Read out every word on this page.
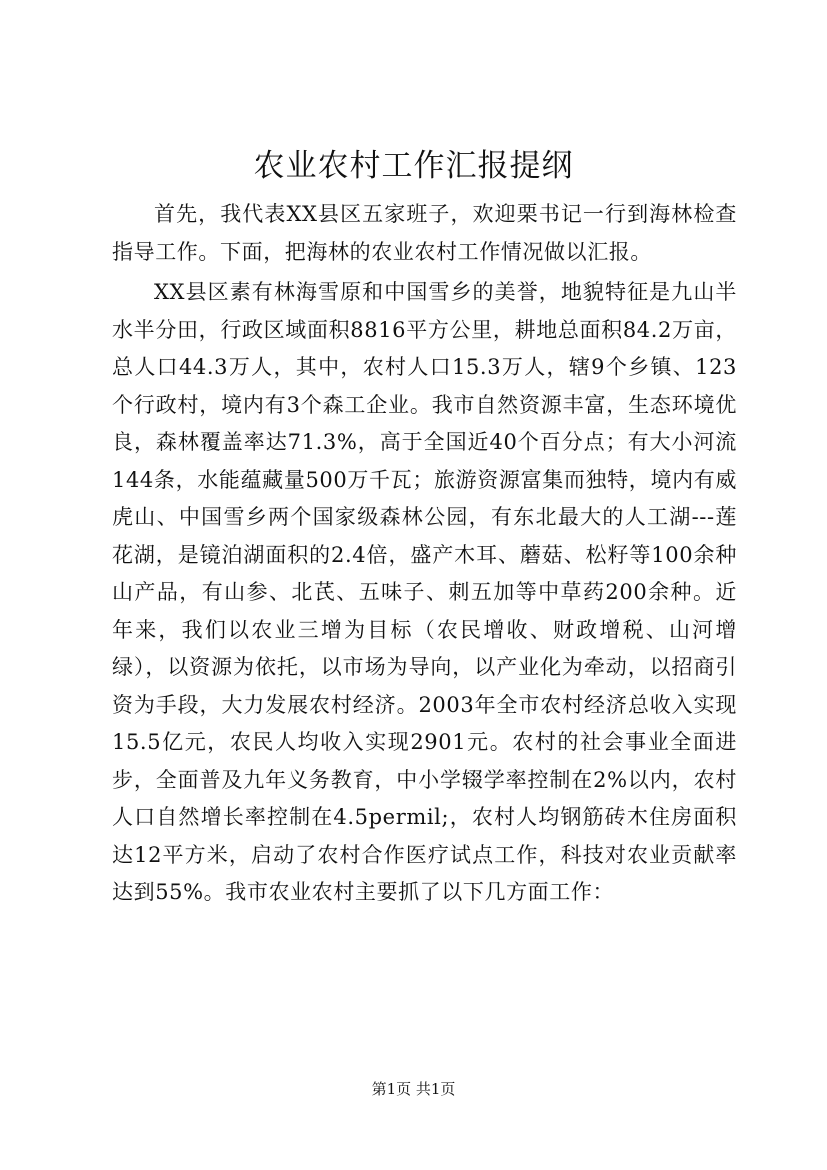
农业农村工作汇报提纲

首先，我代表XX县区五家班子，欢迎栗书记一行到海林检查指导工作。下面，把海林的农业农村工作情况做以汇报。

XX县区素有林海雪原和中国雪乡的美誉，地貌特征是九山半水半分田，行政区域面积8816平方公里，耕地总面积84.2万亩，总人口44.3万人，其中，农村人口15.3万人，辖9个乡镇、123个行政村，境内有3个森工企业。我市自然资源丰富，生态环境优良，森林覆盖率达71.3%，高于全国近40个百分点；有大小河流144条，水能蕴藏量500万千瓦；旅游资源富集而独特，境内有威虎山、中国雪乡两个国家级森林公园，有东北最大的人工湖---莲花湖，是镜泊湖面积的2.4倍，盛产木耳、蘑菇、松籽等100余种山产品，有山参、北芪、五味子、刺五加等中草药200余种。近年来，我们以农业三增为目标（农民增收、财政增税、山河增绿），以资源为依托，以市场为导向，以产业化为牵动，以招商引资为手段，大力发展农村经济。2003年全市农村经济总收入实现15.5亿元，农民人均收入实现2901元。农村的社会事业全面进步，全面普及九年义务教育，中小学辍学率控制在2%以内，农村人口自然增长率控制在4.5permil;，农村人均钢筋砖木住房面积达12平方米，启动了农村合作医疗试点工作，科技对农业贡献率达到55%。我市农业农村主要抓了以下几方面工作：

第1页 共1页
